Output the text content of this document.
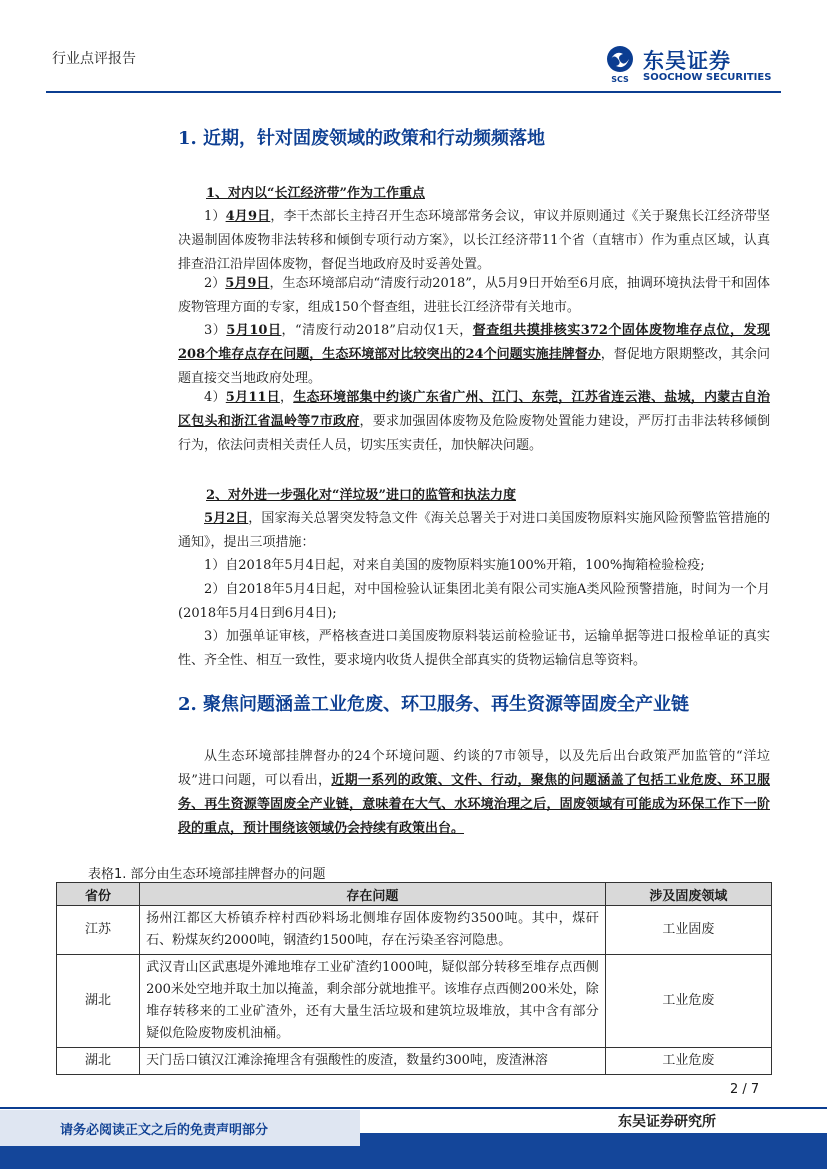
行业点评报告
SCS
东吴证券
SOOCHOW SECURITIES
1. 近期，针对固废领域的政策和行动频频落地
1、对内以“长江经济带”作为工作重点
1）4月9日，李干杰部长主持召开生态环境部常务会议，审议并原则通过《关于聚焦长江经济带坚决遏制固体废物非法转移和倾倒专项行动方案》，以长江经济带11个省（直辖市）作为重点区域，认真排查沿江沿岸固体废物，督促当地政府及时妥善处置。
2）5月9日，生态环境部启动“清废行动2018”，从5月9日开始至6月底，抽调环境执法骨干和固体废物管理方面的专家，组成150个督查组，进驻长江经济带有关地市。
3）5月10日，“清废行动2018”启动仅1天，督查组共摸排核实372个固体废物堆存点位，发现208个堆存点存在问题，生态环境部对比较突出的24个问题实施挂牌督办，督促地方限期整改，其余问题直接交当地政府处理。
4）5月11日，生态环境部集中约谈广东省广州、江门、东莞，江苏省连云港、盐城，内蒙古自治区包头和浙江省温岭等7市政府，要求加强固体废物及危险废物处置能力建设，严厉打击非法转移倾倒行为，依法问责相关责任人员，切实压实责任，加快解决问题。
2、对外进一步强化对“洋垃圾”进口的监管和执法力度
5月2日，国家海关总署突发特急文件《海关总署关于对进口美国废物原料实施风险预警监管措施的通知》，提出三项措施：
1）自2018年5月4日起，对来自美国的废物原料实施100%开箱，100%掏箱检验检疫;
2）自2018年5月4日起，对中国检验认证集团北美有限公司实施A类风险预警措施，时间为一个月(2018年5月4日到6月4日);
3）加强单证审核，严格核查进口美国废物原料装运前检验证书，运输单据等进口报检单证的真实性、齐全性、相互一致性，要求境内收货人提供全部真实的货物运输信息等资料。
2. 聚焦问题涵盖工业危废、环卫服务、再生资源等固废全产业链
从生态环境部挂牌督办的24个环境问题、约谈的7市领导，以及先后出台政策严加监管的“洋垃圾”进口问题，可以看出，近期一系列的政策、文件、行动，聚焦的问题涵盖了包括工业危废、环卫服务、再生资源等固废全产业链，意味着在大气、水环境治理之后，固废领域有可能成为环保工作下一阶段的重点，预计围绕该领域仍会持续有政策出台。
表格1. 部分由生态环境部挂牌督办的问题
省份	存在问题	涉及固废领域
江苏	扬州江都区大桥镇乔梓村西砂料场北侧堆存固体废物约3500吨。其中，煤矸石、粉煤灰约2000吨，钢渣约1500吨，存在污染圣容河隐患。	工业固废
湖北	武汉青山区武惠堤外滩地堆存工业矿渣约1000吨，疑似部分转移至堆存点西侧200米处空地并取土加以掩盖，剩余部分就地推平。该堆存点西侧200米处，除堆存转移来的工业矿渣外，还有大量生活垃圾和建筑垃圾堆放，其中含有部分疑似危险废物废机油桶。	工业危废
湖北	天门岳口镇汉江滩涂掩埋含有强酸性的废渣，数量约300吨，废渣淋溶	工业危废
2 / 7
请务必阅读正文之后的免责声明部分
东吴证券研究所
